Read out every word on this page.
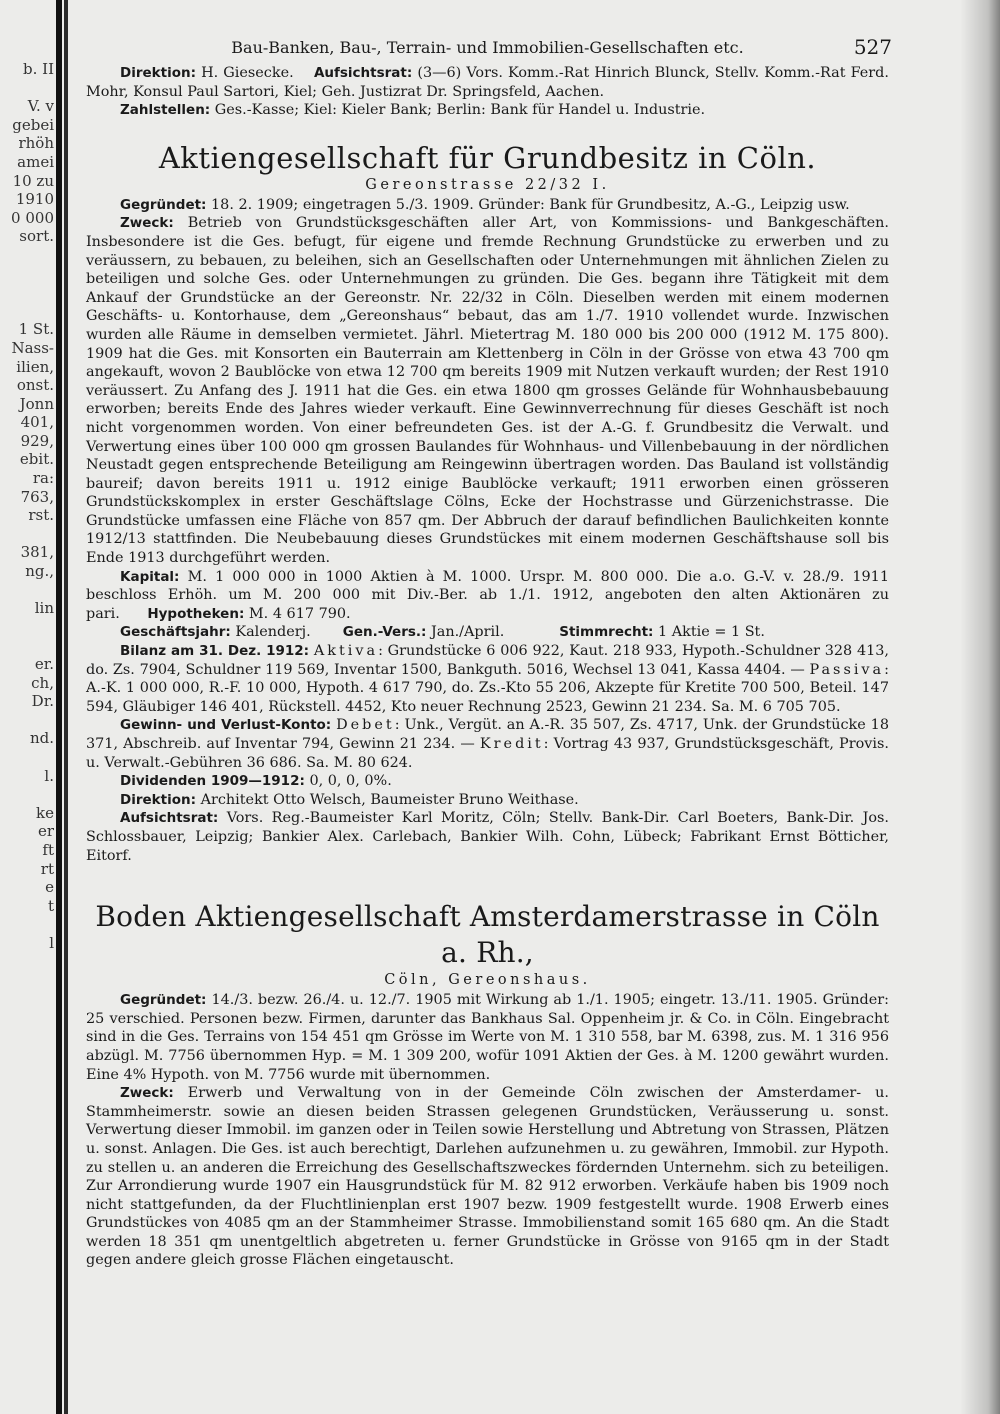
b. II

V. v
gebei
rhöh
amei
10 zu
1910
0 000
sort.

1 St.
Nass-
ilien,
onst.
Jonn
401,
929,
ebit.
ra:
763,
rst.

381,
ng.,

lin

er.
ch,
Dr.

nd.

l.

ke
er
ft
rt
e
t

l
Bau-Banken, Bau-, Terrain- und Immobilien-Gesellschaften etc.	527

Direktion: H. Giesecke. Aufsichtsrat: (3—6) Vors. Komm.-Rat Hinrich Blunck, Stellv. Komm.-Rat Ferd. Mohr, Konsul Paul Sartori, Kiel; Geh. Justizrat Dr. Springsfeld, Aachen.

Zahlstellen: Ges.-Kasse; Kiel: Kieler Bank; Berlin: Bank für Handel u. Industrie.

Aktiengesellschaft für Grundbesitz in Cöln.
Gereonstrasse 22/32 I.

Gegründet: 18. 2. 1909; eingetragen 5./3. 1909. Gründer: Bank für Grundbesitz, A.-G., Leipzig usw.

Zweck: Betrieb von Grundstücksgeschäften aller Art, von Kommissions- und Bankgeschäften. Insbesondere ist die Ges. befugt, für eigene und fremde Rechnung Grundstücke zu erwerben und zu veräussern, zu bebauen, zu beleihen, sich an Gesellschaften oder Unternehmungen mit ähnlichen Zielen zu beteiligen und solche Ges. oder Unternehmungen zu gründen. Die Ges. begann ihre Tätigkeit mit dem Ankauf der Grundstücke an der Gereonstr. Nr. 22/32 in Cöln. Dieselben werden mit einem modernen Geschäfts- u. Kontorhause, dem „Gereonshaus“ bebaut, das am 1./7. 1910 vollendet wurde. Inzwischen wurden alle Räume in demselben vermietet. Jährl. Mietertrag M. 180 000 bis 200 000 (1912 M. 175 800). 1909 hat die Ges. mit Konsorten ein Bauterrain am Klettenberg in Cöln in der Grösse von etwa 43 700 qm angekauft, wovon 2 Baublöcke von etwa 12 700 qm bereits 1909 mit Nutzen verkauft wurden; der Rest 1910 veräussert. Zu Anfang des J. 1911 hat die Ges. ein etwa 1800 qm grosses Gelände für Wohnhausbebauung erworben; bereits Ende des Jahres wieder verkauft. Eine Gewinnverrechnung für dieses Geschäft ist noch nicht vorgenommen worden. Von einer befreundeten Ges. ist der A.-G. f. Grundbesitz die Verwalt. und Verwertung eines über 100 000 qm grossen Baulandes für Wohnhaus- und Villenbebauung in der nördlichen Neustadt gegen entsprechende Beteiligung am Reingewinn übertragen worden. Das Bauland ist vollständig baureif; davon bereits 1911 u. 1912 einige Baublöcke verkauft; 1911 erworben einen grösseren Grundstückskomplex in erster Geschäftslage Cölns, Ecke der Hochstrasse und Gürzenichstrasse. Die Grundstücke umfassen eine Fläche von 857 qm. Der Abbruch der darauf befindlichen Baulichkeiten konnte 1912/13 stattfinden. Die Neubebauung dieses Grundstückes mit einem modernen Geschäftshause soll bis Ende 1913 durchgeführt werden.

Kapital: M. 1 000 000 in 1000 Aktien à M. 1000. Urspr. M. 800 000. Die a.o. G.-V. v. 28./9. 1911 beschloss Erhöh. um M. 200 000 mit Div.-Ber. ab 1./1. 1912, angeboten den alten Aktionären zu pari. Hypotheken: M. 4 617 790.

Geschäftsjahr: Kalenderj. Gen.-Vers.: Jan./April.	Stimmrecht: 1 Aktie = 1 St.

Bilanz am 31. Dez. 1912: Aktiva: Grundstücke 6 006 922, Kaut. 218 933, Hypoth.-Schuldner 328 413, do. Zs. 7904, Schuldner 119 569, Inventar 1500, Bankguth. 5016, Wechsel 13 041, Kassa 4404. — Passiva: A.-K. 1 000 000, R.-F. 10 000, Hypoth. 4 617 790, do. Zs.-Kto 55 206, Akzepte für Kretite 700 500, Beteil. 147 594, Gläubiger 146 401, Rückstell. 4452, Kto neuer Rechnung 2523, Gewinn 21 234. Sa. M. 6 705 705.

Gewinn- und Verlust-Konto: Debet: Unk., Vergüt. an A.-R. 35 507, Zs. 4717, Unk. der Grundstücke 18 371, Abschreib. auf Inventar 794, Gewinn 21 234. — Kredit: Vortrag 43 937, Grundstücksgeschäft, Provis. u. Verwalt.-Gebühren 36 686. Sa. M. 80 624.

Dividenden 1909—1912: 0, 0, 0, 0%.

Direktion: Architekt Otto Welsch, Baumeister Bruno Weithase.

Aufsichtsrat: Vors. Reg.-Baumeister Karl Moritz, Cöln; Stellv. Bank-Dir. Carl Boeters, Bank-Dir. Jos. Schlossbauer, Leipzig; Bankier Alex. Carlebach, Bankier Wilh. Cohn, Lübeck; Fabrikant Ernst Bötticher, Eitorf.

Boden Aktiengesellschaft Amsterdamerstrasse in Cöln a. Rh.,
Cöln, Gereonshaus.

Gegründet: 14./3. bezw. 26./4. u. 12./7. 1905 mit Wirkung ab 1./1. 1905; eingetr. 13./11. 1905. Gründer: 25 verschied. Personen bezw. Firmen, darunter das Bankhaus Sal. Oppenheim jr. & Co. in Cöln. Eingebracht sind in die Ges. Terrains von 154 451 qm Grösse im Werte von M. 1 310 558, bar M. 6398, zus. M. 1 316 956 abzügl. M. 7756 übernommen Hyp. = M. 1 309 200, wofür 1091 Aktien der Ges. à M. 1200 gewährt wurden. Eine 4% Hypoth. von M. 7756 wurde mit übernommen.

Zweck: Erwerb und Verwaltung von in der Gemeinde Cöln zwischen der Amsterdamer- u. Stammheimerstr. sowie an diesen beiden Strassen gelegenen Grundstücken, Veräusserung u. sonst. Verwertung dieser Immobil. im ganzen oder in Teilen sowie Herstellung und Abtretung von Strassen, Plätzen u. sonst. Anlagen. Die Ges. ist auch berechtigt, Darlehen aufzunehmen u. zu gewähren, Immobil. zur Hypoth. zu stellen u. an anderen die Erreichung des Gesellschaftszweckes fördernden Unternehm. sich zu beteiligen. Zur Arrondierung wurde 1907 ein Hausgrundstück für M. 82 912 erworben. Verkäufe haben bis 1909 noch nicht stattgefunden, da der Fluchtlinienplan erst 1907 bezw. 1909 festgestellt wurde. 1908 Erwerb eines Grundstückes von 4085 qm an der Stammheimer Strasse. Immobilienstand somit 165 680 qm. An die Stadt werden 18 351 qm unentgeltlich abgetreten u. ferner Grundstücke in Grösse von 9165 qm in der Stadt gegen andere gleich grosse Flächen eingetauscht.
